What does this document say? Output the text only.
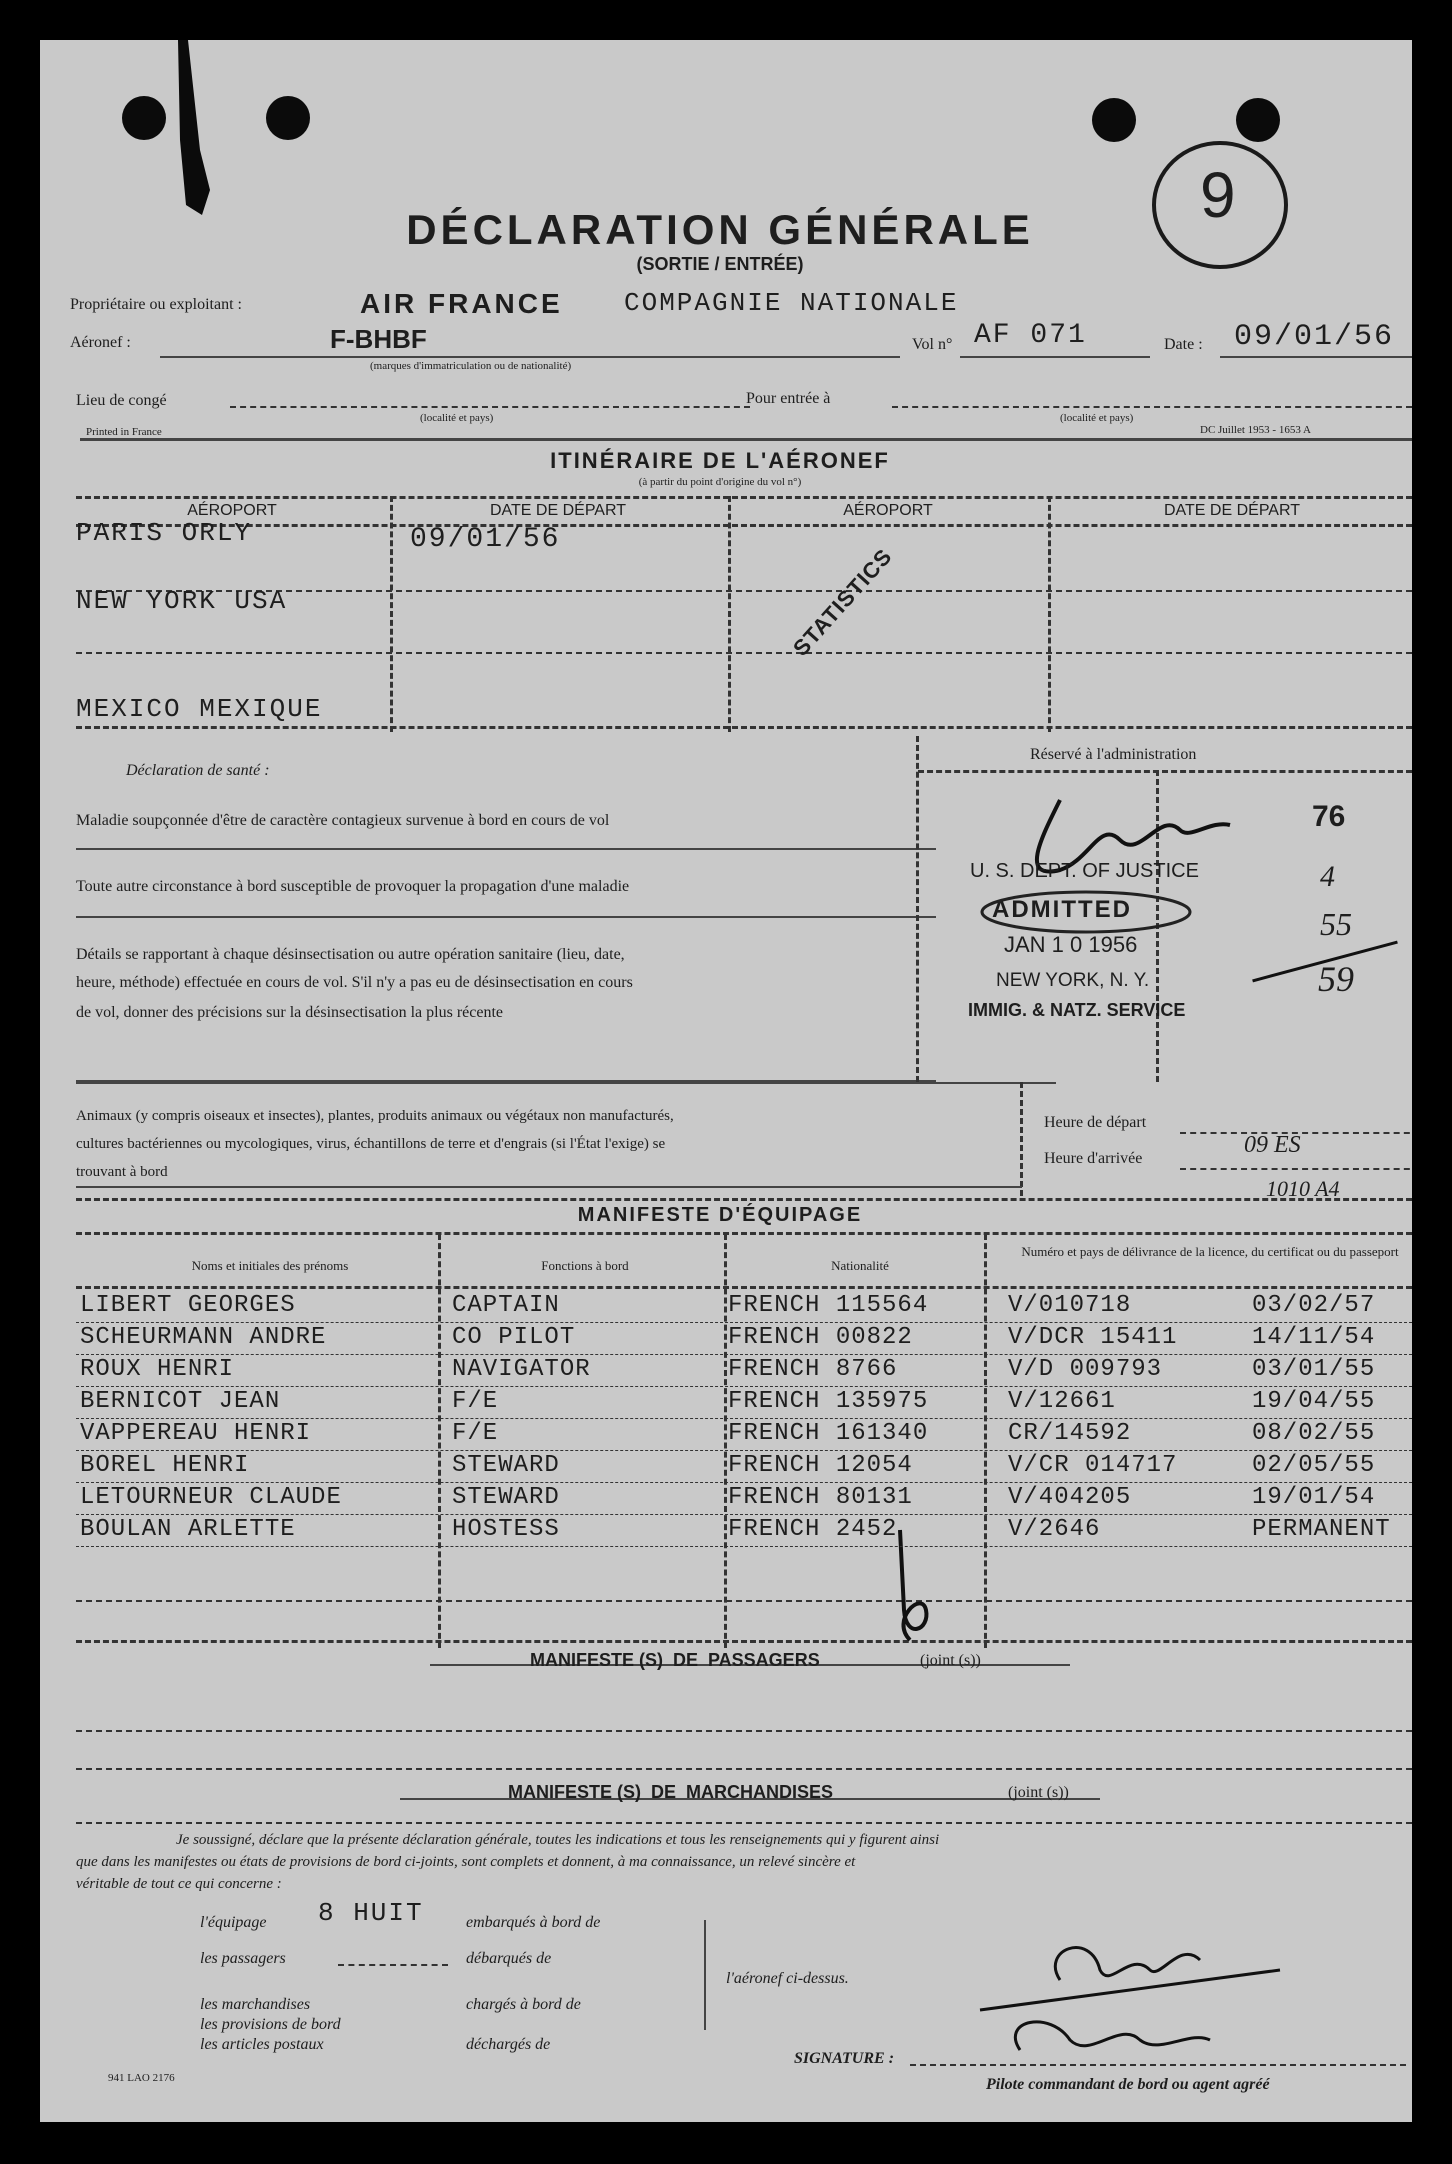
9
DÉCLARATION GÉNÉRALE
(SORTIE / ENTRÉE)
Propriétaire ou exploitant :	AIR FRANCE COMPAGNIE NATIONALE
Aéronef :	F-BHBF
(marques d'immatriculation ou de nationalité)
Vol n° AF 071	Date : 09/01/56
Lieu de congé
(localité et pays)
Pour entrée à
(localité et pays)
Printed in France	DC Juillet 1953 - 1653 A
ITINÉRAIRE DE L'AÉRONEF
(à partir du point d'origine du vol n°)
AÉROPORT	DATE DE DÉPART	AÉROPORT	DATE DE DÉPART
PARIS ORLY	09/01/56
NEW YORK USA
MEXICO MEXIQUE
STATISTICS
Déclaration de santé :
Maladie soupçonnée d'être de caractère contagieux survenue à bord en cours de vol
Toute autre circonstance à bord susceptible de provoquer la propagation d'une maladie
Détails se rapportant à chaque désinsectisation ou autre opération sanitaire (lieu, date,
heure, méthode) effectuée en cours de vol. S'il n'y a pas eu de désinsectisation en cours
de vol, donner des précisions sur la désinsectisation la plus récente
Réservé à l'administration
76
U. S. DEPT. OF JUSTICE
ADMITTED
JAN 1 0 1956
NEW YORK, N. Y.
IMMIG. & NATZ. SERVICE
4
55
59
Animaux (y compris oiseaux et insectes), plantes, produits animaux ou végétaux non manufacturés,
cultures bactériennes ou mycologiques, virus, échantillons de terre et d'engrais (si l'État l'exige) se
trouvant à bord
Heure de départ
Heure d'arrivée
09 ES
1010 A4
MANIFESTE D'ÉQUIPAGE
Noms et initiales des prénoms	Fonctions à bord	Nationalité
Numéro et pays de délivrance de la licence, du certificat ou du passeport
MANIFESTE (S)  DE  PASSAGERS	(joint (s))
MANIFESTE (S)  DE  MARCHANDISES	(joint (s))
Je soussigné, déclare que la présente déclaration générale, toutes les indications et tous les renseignements qui y figurent ainsi
que dans les manifestes ou états de provisions de bord ci-joints, sont complets et donnent, à ma connaissance, un relevé sincère et
véritable de tout ce qui concerne :
l'équipage 8 HUIT	embarqués à bord de
les passagers	débarqués de
l'aéronef ci-dessus.
les marchandises
les provisions de bord
les articles postaux
chargés à bord de
déchargés de
SIGNATURE :
Pilote commandant de bord ou agent agréé
941 LAO 2176
LIBERT GEORGES	CAPTAIN	FRENCH 115564	V/010718	03/02/57
SCHEURMANN ANDRE	CO PILOT	FRENCH 00822	V/DCR 15411	14/11/54
ROUX HENRI	NAVIGATOR	FRENCH 8766	V/D 009793	03/01/55
BERNICOT JEAN	F/E	FRENCH 135975	V/12661	19/04/55
VAPPEREAU HENRI	F/E	FRENCH 161340	CR/14592	08/02/55
BOREL HENRI	STEWARD	FRENCH 12054	V/CR 014717	02/05/55
LETOURNEUR CLAUDE	STEWARD	FRENCH 80131	V/404205	19/01/54
BOULAN ARLETTE	HOSTESS	FRENCH 2452	V/2646	PERMANENT
